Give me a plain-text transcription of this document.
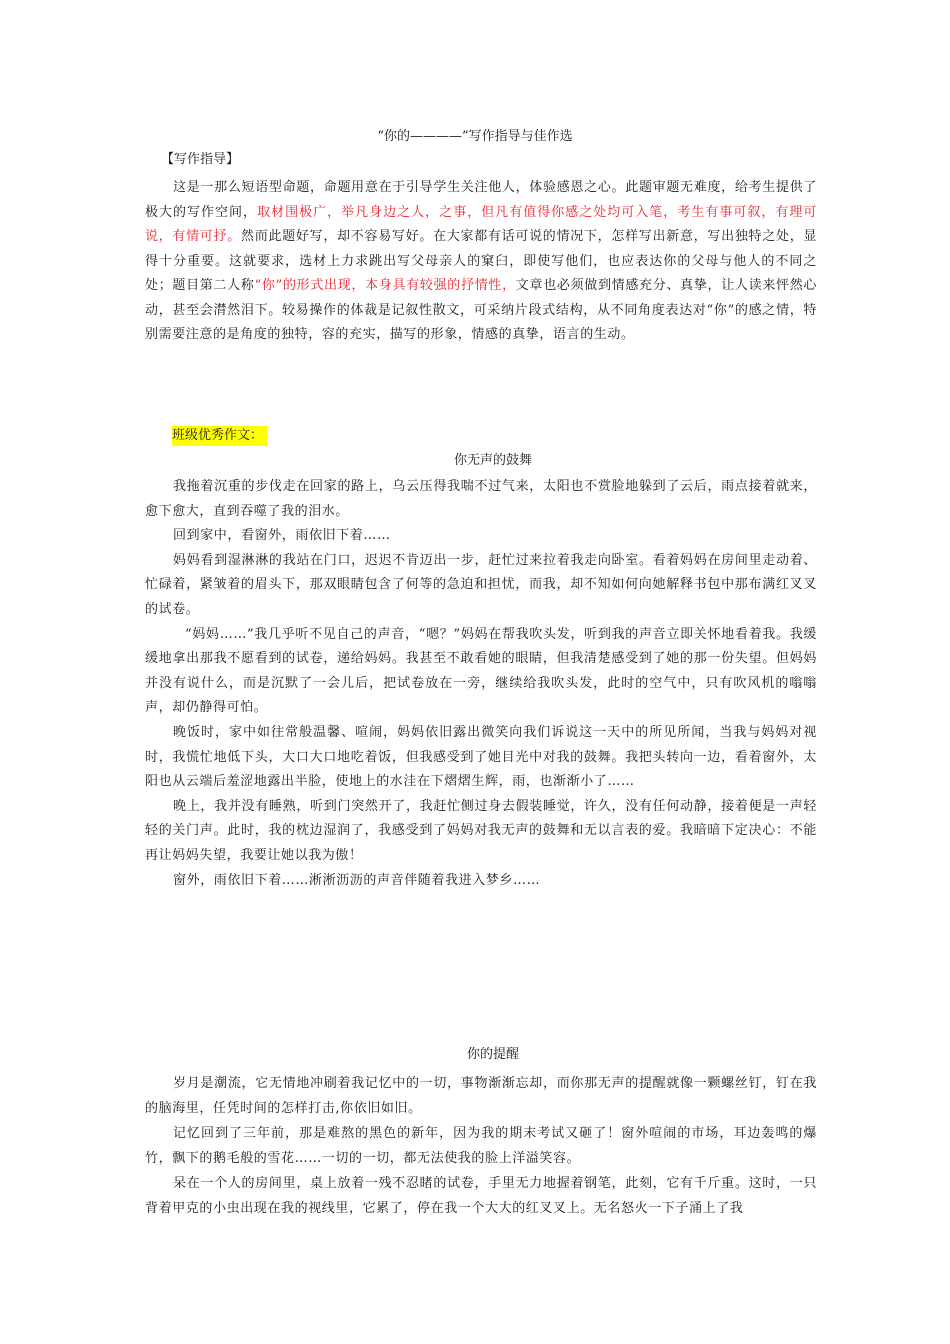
“你的————”写作指导与佳作选
【写作指导】

这是一那么短语型命题，命题用意在于引导学生关注他人，体验感恩之心。此题审题无难度，给考生提供了极大的写作空间，取材围极广，举凡身边之人，之事，但凡有值得你感之处均可入笔，考生有事可叙，有理可说，有情可抒。然而此题好写，却不容易写好。在大家都有话可说的情况下，怎样写出新意，写出独特之处，显得十分重要。这就要求，选材上力求跳出写父母亲人的窠臼，即使写他们，也应表达你的父母与他人的不同之处；题目第二人称“你”的形式出现，本身具有较强的抒情性，文章也必须做到情感充分、真挚，让人读来怦然心动，甚至会潸然泪下。较易操作的体裁是记叙性散文，可采纳片段式结构，从不同角度表达对“你”的感之情，特别需要注意的是角度的独特，容的充实，描写的形象，情感的真挚，语言的生动。

班级优秀作文：
你无声的鼓舞

我拖着沉重的步伐走在回家的路上，乌云压得我喘不过气来，太阳也不赏脸地躲到了云后，雨点接着就来，愈下愈大，直到吞噬了我的泪水。

回到家中，看窗外，雨依旧下着……

妈妈看到湿淋淋的我站在门口，迟迟不肯迈出一步，赶忙过来拉着我走向卧室。看着妈妈在房间里走动着、忙碌着，紧皱着的眉头下，那双眼睛包含了何等的急迫和担忧，而我，却不知如何向她解释书包中那布满红叉叉的试卷。

“妈妈……”我几乎听不见自己的声音，“嗯？”妈妈在帮我吹头发，听到我的声音立即关怀地看着我。我缓缓地拿出那我不愿看到的试卷，递给妈妈。我甚至不敢看她的眼睛，但我清楚感受到了她的那一份失望。但妈妈并没有说什么，而是沉默了一会儿后，把试卷放在一旁，继续给我吹头发，此时的空气中，只有吹风机的嗡嗡声，却仍静得可怕。

晚饭时，家中如往常般温馨、喧闹，妈妈依旧露出微笑向我们诉说这一天中的所见所闻，当我与妈妈对视时，我慌忙地低下头，大口大口地吃着饭，但我感受到了她目光中对我的鼓舞。我把头转向一边，看着窗外，太阳也从云端后羞涩地露出半脸，使地上的水洼在下熠熠生辉，雨，也渐渐小了……

晚上，我并没有睡熟，听到门突然开了，我赶忙侧过身去假装睡觉，许久，没有任何动静，接着便是一声轻轻的关门声。此时，我的枕边湿润了，我感受到了妈妈对我无声的鼓舞和无以言表的爱。我暗暗下定决心：不能再让妈妈失望，我要让她以我为傲！

窗外，雨依旧下着……淅淅沥沥的声音伴随着我进入梦乡……

你的提醒

岁月是潮流，它无情地冲刷着我记忆中的一切，事物渐渐忘却，而你那无声的提醒就像一颗螺丝钉，钉在我的脑海里，任凭时间的怎样打击,你依旧如旧。

记忆回到了三年前，那是难熬的黑色的新年，因为我的期末考试又砸了！窗外喧闹的市场，耳边轰鸣的爆竹，飘下的鹅毛般的雪花……一切的一切，都无法使我的脸上洋溢笑容。

呆在一个人的房间里，桌上放着一残不忍睹的试卷，手里无力地握着钢笔，此刻，它有千斤重。这时，一只背着甲克的小虫出现在我的视线里，它累了，停在我一个大大的红叉叉上。无名怒火一下子涌上了我
